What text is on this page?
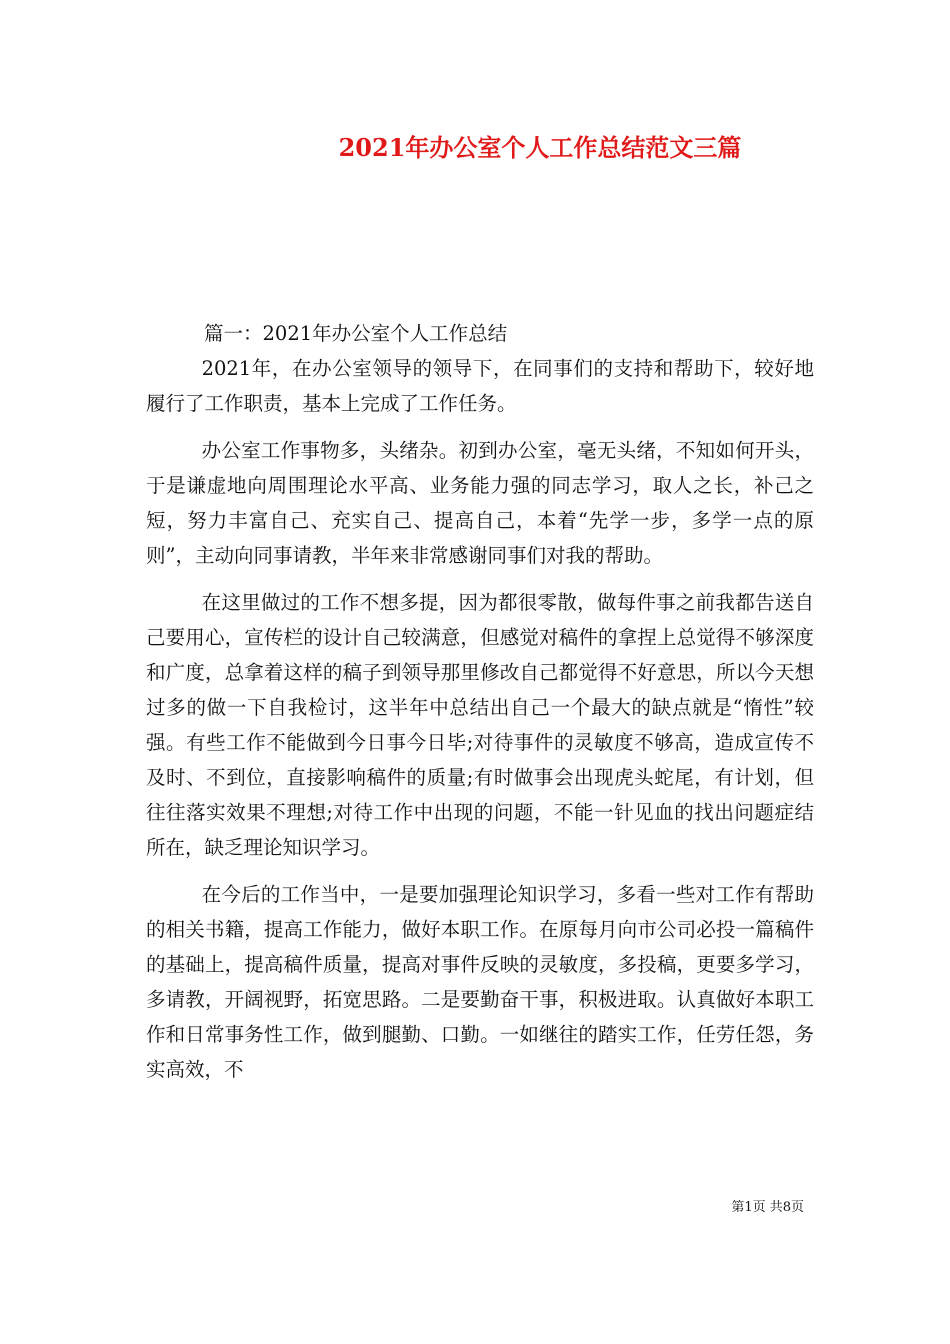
2021年办公室个人工作总结范文三篇

篇一：2021年办公室个人工作总结

2021年，在办公室领导的领导下，在同事们的支持和帮助下，较好地履行了工作职责，基本上完成了工作任务。

办公室工作事物多，头绪杂。初到办公室，毫无头绪，不知如何开头，于是谦虚地向周围理论水平高、业务能力强的同志学习，取人之长，补己之短，努力丰富自己、充实自己、提高自己，本着“先学一步，多学一点的原则”，主动向同事请教，半年来非常感谢同事们对我的帮助。

在这里做过的工作不想多提，因为都很零散，做每件事之前我都告送自己要用心，宣传栏的设计自己较满意，但感觉对稿件的拿捏上总觉得不够深度和广度，总拿着这样的稿子到领导那里修改自己都觉得不好意思，所以今天想过多的做一下自我检讨，这半年中总结出自己一个最大的缺点就是“惰性”较强。有些工作不能做到今日事今日毕;对待事件的灵敏度不够高，造成宣传不及时、不到位，直接影响稿件的质量;有时做事会出现虎头蛇尾，有计划，但往往落实效果不理想;对待工作中出现的问题，不能一针见血的找出问题症结所在，缺乏理论知识学习。

在今后的工作当中，一是要加强理论知识学习，多看一些对工作有帮助的相关书籍，提高工作能力，做好本职工作。在原每月向市公司必投一篇稿件的基础上，提高稿件质量，提高对事件反映的灵敏度，多投稿，更要多学习，多请教，开阔视野，拓宽思路。二是要勤奋干事，积极进取。认真做好本职工作和日常事务性工作，做到腿勤、口勤。一如继往的踏实工作，任劳任怨，务实高效，不

第1页 共8页
